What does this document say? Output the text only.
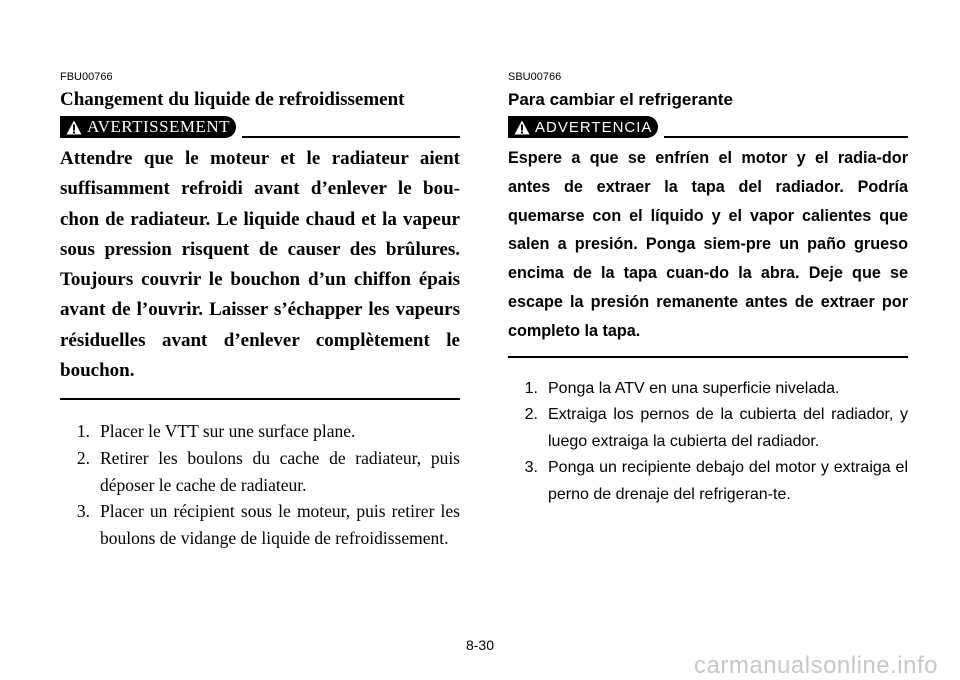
FBU00766
Changement du liquide de refroidissement
AVERTISSEMENT

Attendre que le moteur et le radiateur aient suffisamment refroidi avant d’enlever le bou-chon de radiateur. Le liquide chaud et la vapeur sous pression risquent de causer des brûlures. Toujours couvrir le bouchon d’un chiffon épais avant de l’ouvrir. Laisser s’échapper les vapeurs résiduelles avant d’enlever complètement le bouchon.

1. Placer le VTT sur une surface plane.
2. Retirer les boulons du cache de radiateur, puis déposer le cache de radiateur.
3. Placer un récipient sous le moteur, puis retirer les boulons de vidange de liquide de refroidissement.
SBU00766
Para cambiar el refrigerante
ADVERTENCIA

Espere a que se enfríen el motor y el radia-dor antes de extraer la tapa del radiador. Podría quemarse con el líquido y el vapor calientes que salen a presión. Ponga siem-pre un paño grueso encima de la tapa cuan-do la abra. Deje que se escape la presión remanente antes de extraer por completo la tapa.

1. Ponga la ATV en una superficie nivelada.
2. Extraiga los pernos de la cubierta del radiador, y luego extraiga la cubierta del radiador.
3. Ponga un recipiente debajo del motor y extraiga el perno de drenaje del refrigeran-te.
8-30
carmanualsonline.info
